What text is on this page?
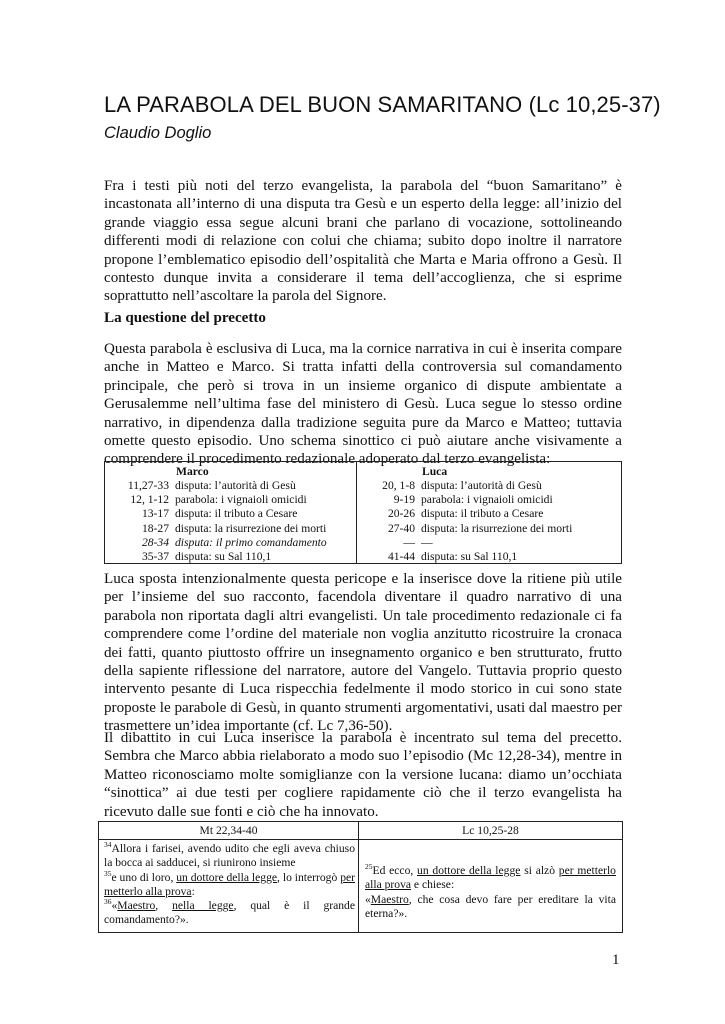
LA PARABOLA DEL BUON SAMARITANO (Lc 10,25-37)
Claudio Doglio

Fra i testi più noti del terzo evangelista, la parabola del “buon Samaritano” è incastonata all’interno di una disputa tra Gesù e un esperto della legge: all’inizio del grande viaggio essa segue alcuni brani che parlano di vocazione, sottolineando differenti modi di relazione con colui che chiama; subito dopo inoltre il narratore propone l’emblematico episodio dell’ospitalità che Marta e Maria offrono a Gesù. Il contesto dunque invita a considerare il tema dell’accoglienza, che si esprime soprattutto nell’ascoltare la parola del Signore.

La questione del precetto

Questa parabola è esclusiva di Luca, ma la cornice narrativa in cui è inserita compare anche in Matteo e Marco. Si tratta infatti della controversia sul comandamento principale, che però si trova in un insieme organico di dispute ambientate a Gerusalemme nell’ultima fase del ministero di Gesù. Luca segue lo stesso ordine narrativo, in dipendenza dalla tradizione seguita pure da Marco e Matteo; tuttavia omette questo episodio. Uno schema sinottico ci può aiutare anche visivamente a comprendere il procedimento redazionale adoperato dal terzo evangelista:

Marco
11,27-33 disputa: l’autorità di Gesù
12, 1-12 parabola: i vignaioli omicidi
13-17 disputa: il tributo a Cesare
18-27 disputa: la risurrezione dei morti
28-34 disputa: il primo comandamento
35-37 disputa: su Sal 110,1
Luca
20, 1-8 disputa: l’autorità di Gesù
9-19 parabola: i vignaioli omicidi
20-26 disputa: il tributo a Cesare
27-40 disputa: la risurrezione dei morti
— —
41-44 disputa: su Sal 110,1

Luca sposta intenzionalmente questa pericope e la inserisce dove la ritiene più utile per l’insieme del suo racconto, facendola diventare il quadro narrativo di una parabola non riportata dagli altri evangelisti. Un tale procedimento redazionale ci fa comprendere come l’ordine del materiale non voglia anzitutto ricostruire la cronaca dei fatti, quanto piuttosto offrire un insegnamento organico e ben strutturato, frutto della sapiente riflessione del narratore, autore del Vangelo. Tuttavia proprio questo intervento pesante di Luca rispecchia fedelmente il modo storico in cui sono state proposte le parabole di Gesù, in quanto strumenti argomentativi, usati dal maestro per trasmettere un’idea importante (cf. Lc 7,36-50).

Il dibattito in cui Luca inserisce la parabola è incentrato sul tema del precetto. Sembra che Marco abbia rielaborato a modo suo l’episodio (Mc 12,28-34), mentre in Matteo riconosciamo molte somiglianze con la versione lucana: diamo un’occhiata “sinottica” ai due testi per cogliere rapidamente ciò che il terzo evangelista ha ricevuto dalle sue fonti e ciò che ha innovato.

Mt 22,34-40	Lc 10,25-28
$^{34}$Allora i farisei, avendo udito che egli aveva chiuso la bocca ai sadducei, si riunirono insieme
$^{35}$e uno di loro, un dottore della legge, lo interrogò per metterlo alla prova:
$^{36}$«Maestro, nella legge, qual è il grande comandamento?».
$^{25}$Ed ecco, un dottore della legge si alzò per metterlo alla prova e chiese:
«Maestro, che cosa devo fare per ereditare la vita eterna?».
1
